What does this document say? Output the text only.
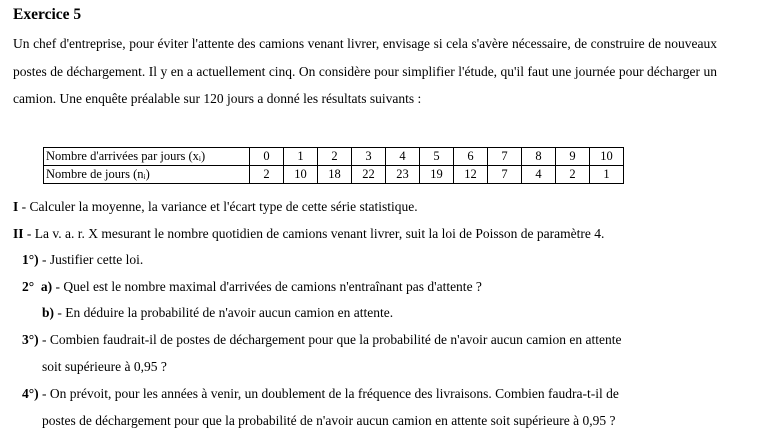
Exercice 5

Un chef d'entreprise, pour éviter l'attente des camions venant livrer, envisage si cela s'avère nécessaire, de construire de nouveaux postes de déchargement. Il y en a actuellement cinq. On considère pour simplifier l'étude, qu'il faut une journée pour décharger un camion. Une enquête préalable sur 120 jours a donné les résultats suivants :

Nombre d'arrivées par jours (xᵢ)	0	1	2	3	4	5	6	7	8	9	10
Nombre de jours (nᵢ)	2	10	18	22	23	19	12	7	4	2	1
I - Calculer la moyenne, la variance et l'écart type de cette série statistique.
II - La v. a. r. X mesurant le nombre quotidien de camions venant livrer, suit la loi de Poisson de paramètre 4.
1°) - Justifier cette loi.
2°  a) - Quel est le nombre maximal d'arrivées de camions n'entraînant pas d'attente ?
b) - En déduire la probabilité de n'avoir aucun camion en attente.
3°) - Combien faudrait-il de postes de déchargement pour que la probabilité de n'avoir aucun camion en attente
soit supérieure à 0,95 ?
4°) - On prévoit, pour les années à venir, un doublement de la fréquence des livraisons. Combien faudra-t-il de
postes de déchargement pour que la probabilité de n'avoir aucun camion en attente soit supérieure à 0,95 ?
